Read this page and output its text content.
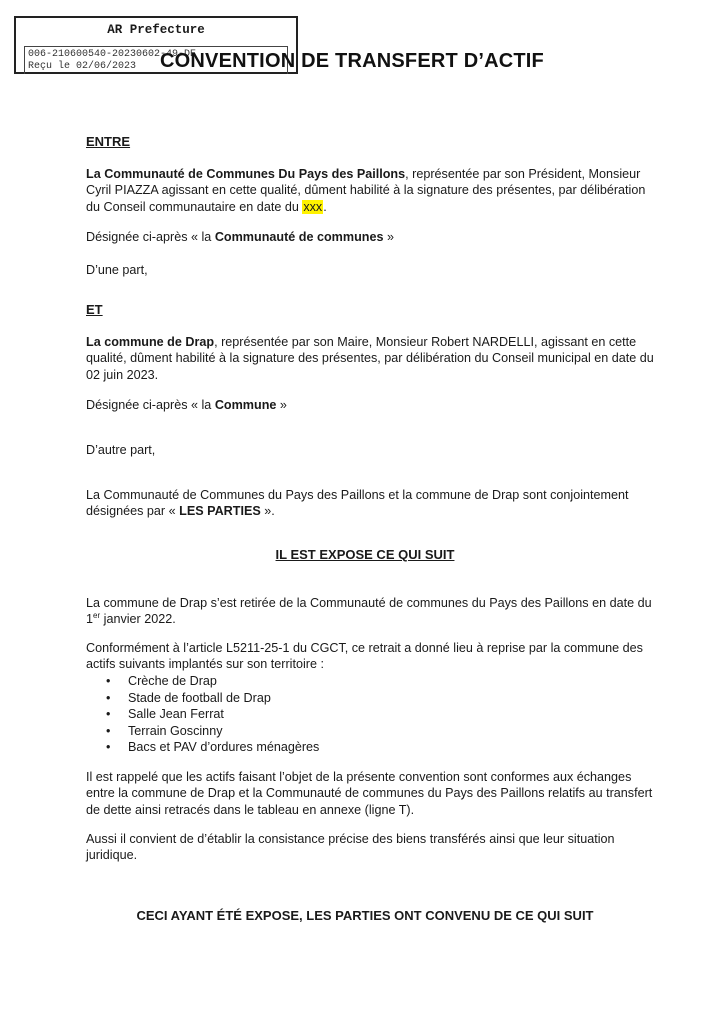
AR Prefecture
006-210600540-20230602-49-DE
Reçu le 02/06/2023 CONVENTION DE TRANSFERT D’ACTIF
ENTRE
La Communauté de Communes Du Pays des Paillons, représentée par son Président, Monsieur Cyril PIAZZA agissant en cette qualité, dûment habilité à la signature des présentes, par délibération du Conseil communautaire en date du xxx.
Désignée ci-après « la Communauté de communes »
D’une part,
ET
La commune de Drap, représentée par son Maire, Monsieur Robert NARDELLI, agissant en cette qualité, dûment habilité à la signature des présentes, par délibération du Conseil municipal en date du 02 juin 2023.
Désignée ci-après « la Commune »
D’autre part,
La Communauté de Communes du Pays des Paillons et la commune de Drap sont conjointement désignées par « LES PARTIES ».
IL EST EXPOSE CE QUI SUIT
La commune de Drap s’est retirée de la Communauté de communes du Pays des Paillons en date du 1er janvier 2022.
Conformément à l’article L5211-25-1 du CGCT, ce retrait a donné lieu à reprise par la commune des actifs suivants implantés sur son territoire :
• Crèche de Drap
• Stade de football de Drap
• Salle Jean Ferrat
• Terrain Goscinny
• Bacs et PAV d’ordures ménagères
Il est rappelé que les actifs faisant l’objet de la présente convention sont conformes aux échanges entre la commune de Drap et la Communauté de communes du Pays des Paillons relatifs au transfert de dette ainsi retracés dans le tableau en annexe (ligne T).
Aussi il convient de d’établir la consistance précise des biens transférés ainsi que leur situation juridique.
CECI AYANT ÉTÉ EXPOSE, LES PARTIES ONT CONVENU DE CE QUI SUIT
